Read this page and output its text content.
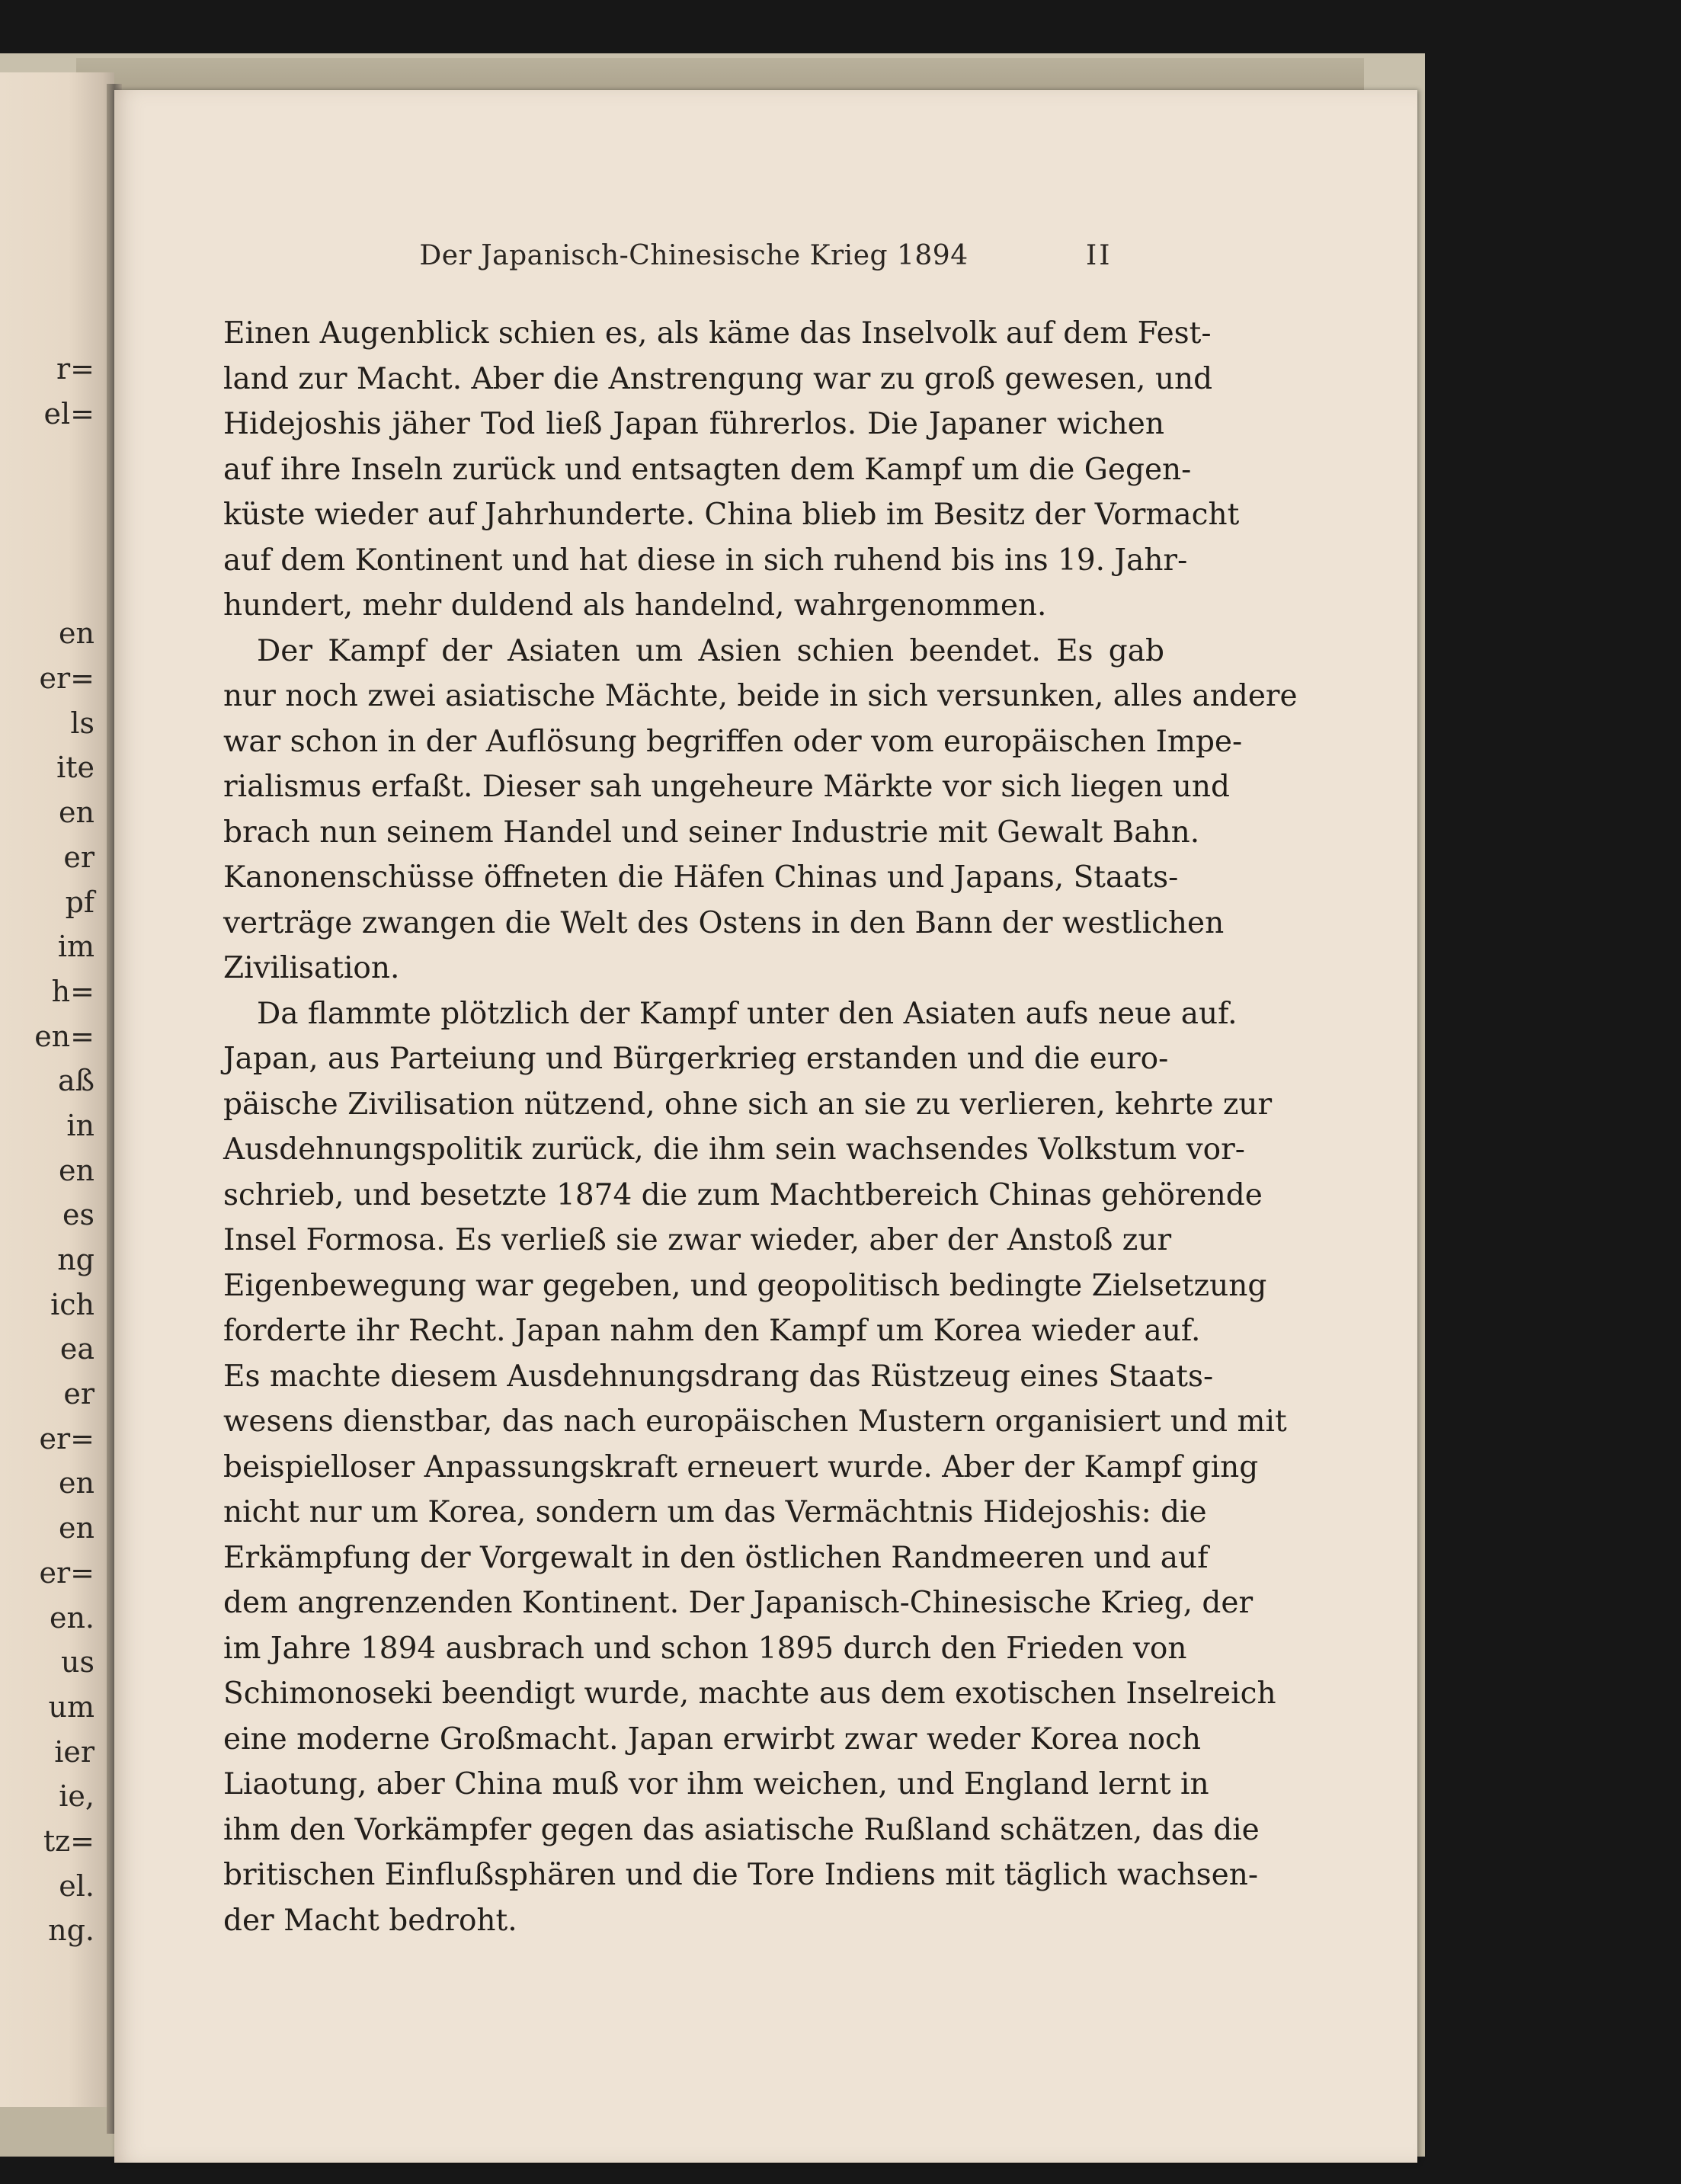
r=
el=
en
er=
ls
ite
en
er
pf
im
h=
en=
aß
in
en
es
ng
ich
ea
er
er=
en
en
er=
en.
us
um
ier
ie,
tz=
el.
ng.
Der Japanisch-Chinesische Krieg 1894	II
Einen Augenblick schien es, als käme das Inselvolk auf dem Fest-
land zur Macht. Aber die Anstrengung war zu groß gewesen, und
Hidejoshis jäher Tod ließ Japan führerlos. Die Japaner wichen
auf ihre Inseln zurück und entsagten dem Kampf um die Gegen-
küste wieder auf Jahrhunderte. China blieb im Besitz der Vormacht
auf dem Kontinent und hat diese in sich ruhend bis ins 19. Jahr-
hundert, mehr duldend als handelnd, wahrgenommen.
Der Kampf der Asiaten um Asien schien beendet. Es gab
nur noch zwei asiatische Mächte, beide in sich versunken, alles andere
war schon in der Auflösung begriffen oder vom europäischen Impe-
rialismus erfaßt. Dieser sah ungeheure Märkte vor sich liegen und
brach nun seinem Handel und seiner Industrie mit Gewalt Bahn.
Kanonenschüsse öffneten die Häfen Chinas und Japans, Staats-
verträge zwangen die Welt des Ostens in den Bann der westlichen
Zivilisation.
Da flammte plötzlich der Kampf unter den Asiaten aufs neue auf.
Japan, aus Parteiung und Bürgerkrieg erstanden und die euro-
päische Zivilisation nützend, ohne sich an sie zu verlieren, kehrte zur
Ausdehnungspolitik zurück, die ihm sein wachsendes Volkstum vor-
schrieb, und besetzte 1874 die zum Machtbereich Chinas gehörende
Insel Formosa. Es verließ sie zwar wieder, aber der Anstoß zur
Eigenbewegung war gegeben, und geopolitisch bedingte Zielsetzung
forderte ihr Recht. Japan nahm den Kampf um Korea wieder auf.
Es machte diesem Ausdehnungsdrang das Rüstzeug eines Staats-
wesens dienstbar, das nach europäischen Mustern organisiert und mit
beispielloser Anpassungskraft erneuert wurde. Aber der Kampf ging
nicht nur um Korea, sondern um das Vermächtnis Hidejoshis: die
Erkämpfung der Vorgewalt in den östlichen Randmeeren und auf
dem angrenzenden Kontinent. Der Japanisch-Chinesische Krieg, der
im Jahre 1894 ausbrach und schon 1895 durch den Frieden von
Schimonoseki beendigt wurde, machte aus dem exotischen Inselreich
eine moderne Großmacht. Japan erwirbt zwar weder Korea noch
Liaotung, aber China muß vor ihm weichen, und England lernt in
ihm den Vorkämpfer gegen das asiatische Rußland schätzen, das die
britischen Einflußsphären und die Tore Indiens mit täglich wachsen-
der Macht bedroht.
